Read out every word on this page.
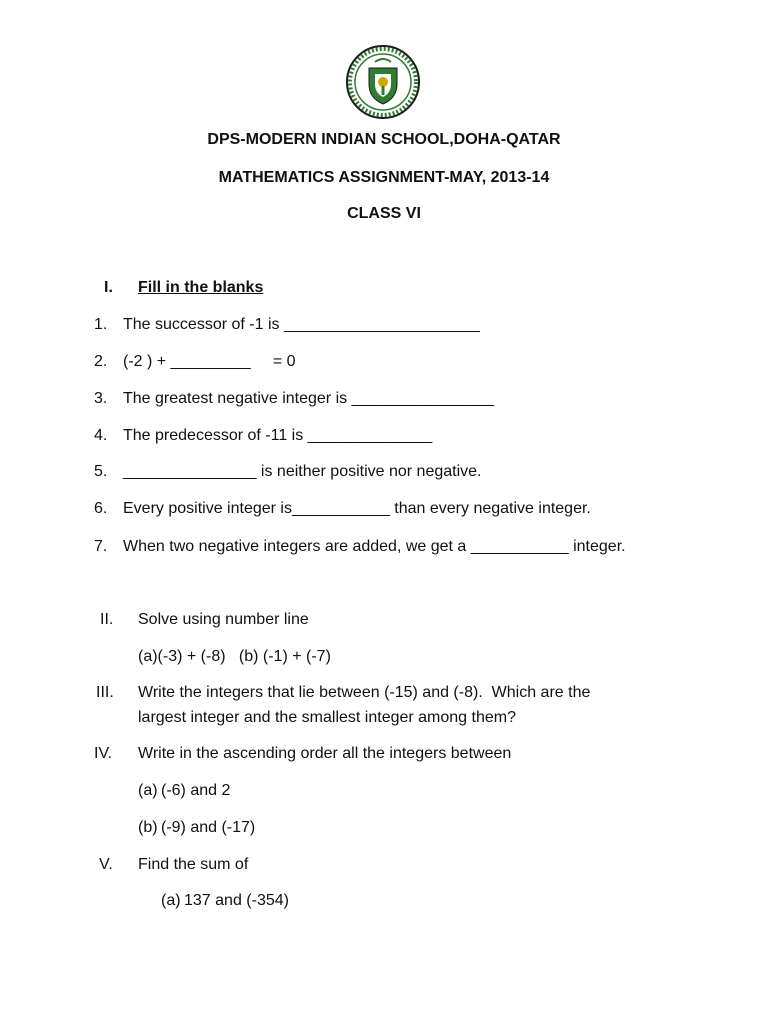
DPS-MODERN INDIAN SCHOOL,DOHA-QATAR
MATHEMATICS ASSIGNMENT-MAY, 2013-14
CLASS VI
I. Fill in the blanks
1. The successor of -1 is ______________________
2. (-2 ) + _________     = 0
3. The greatest negative integer is ________________
4. The predecessor of -11 is ______________
5. _______________ is neither positive nor negative.
6. Every positive integer is___________ than every negative integer.
7. When two negative integers are added, we get a ___________ integer.
II. Solve using number line
(a)(-3) + (-8)   (b) (-1) + (-7)
III. Write the integers that lie between (-15) and (-8).  Which are the
largest integer and the smallest integer among them?
IV. Write in the ascending order all the integers between
(a) (-6) and 2
(b) (-9) and (-17)
V. Find the sum of
(a) 137 and (-354)
